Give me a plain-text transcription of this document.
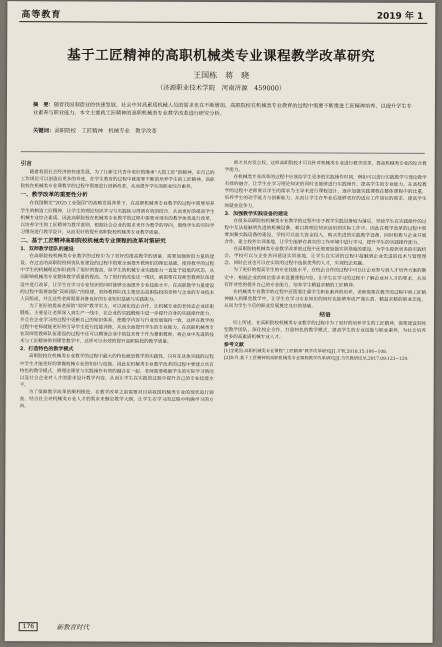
高等教育	2019 年 1
基于工匠精神的高职机械类专业课程教学改革研究
王国栋　蒋　晓
（济源职业技术学院　河南济源　459000）
摘　要：随着我国制造业的快速发展，社会中对高素质机械人员的需求也在不断增加。高职院校在机械类专业教育的过程中需要不断推进工匠精神培养，以提升学生专业素养与职业能力。本文主要就工匠精神的高职机械类专业教学改革进行研究分析。
关键词：高职院校　工匠精神　机械专业　教学改革
引言

随着我国社会经济的快速发展，为了让新生代青年更好的继承“大国工匠”的精神，在自己的工作岗位可以创造出更多的奇迹，在学生教育的过程中就需要不断的培养学生的工匠精神。高职院校在机械类专业课教学的过程中需要进行创新改革，从而提升学生的职业综合素养。

一、教学改革的重要性分析

在我国制定“2025工业强国”的战略发展背景下，在高职机械类专业教学的过程中需要培养学生的制造工匠精神，让学生的理论知识学习与实践练习得到有效的结合，从而更好的提高学生机械专业综合素质。因此高职院校在机械类专业教学的过程中需要对现有的教学体系进行改革，以培养学生的工匠精神为教学准则，根据社会企业的需求来作为教学的导向，围绕学生的实际学习情况进行教学设计，从而更好的提升高职院校机械类专业教学质量。

二、基于工匠精神高职院校机械类专业课程的改革对策研究
1．双师教学团队的建设

在高职院校机械类专业教学的过程中为了更好的提高教学的质量，需要加强师资力量的建设。在过去的高职院校师资队伍建设的过程中很难全面提升教师们的理论基础，使得教学的过程中学生的机械理论知识获得了很好的提高，但学生的机械专业实践能力一直处于较低的状态，从而影响机械类专业整体教学质量的提高。为了很好的改变这一现状，就需要在双师型教师队伍建设中进行改革，让学生在学习专业知识的同时能够全面提升专业技能水平。在高职教学力量建设的过程中需要加强“双师团队”的组建，双师教师队伍主要是由高职院校的老师与企业的专业技术人员组成，并且这些老师需要具备良好的专业知识基础与实践能力。

为了更好的提高老师的“双师”教学实力，可以深化校企合作，让机械专业的老师去企业挂职锻炼。主要是让老师深入到生产一线中，在企业的实践锻炼中进一步提升自身的实践操作能力，并且在企业学习的过程中更新自己的知识体系，使教学内容与行业发展保持一致，这样在教学的过程中老师就能更好的引导学生进行技能训练，从而全面提升学生的专业能力。在高职机械类专业双师型教师队伍建设的过程中还可以聘请企业中的技术骨干作为兼职教师，将企业中先进的技术与工匠精神带到课堂教学中，这样可以有效的提升高职院校的教学质量。

2．打造特色的教学模式

高职院校在机械类专业教学的过程中最大的特色就是教学的实践性，只有在具体实践的过程中学生才能更好的掌握机械专业的知识与技能。因此在机械类专业教学改革的过程中要建立具有特色的教学模式，将理论课堂与实践操作有效的融合在一起，老师需要根据学生的实际学习情况以及社会企业对人才的需求设计教学内容，从而让学生在实践的过程中提升自己的专业技能水平。

为了保障教学改革的顺利推进，在教学改革之前需要对目前我国机械类专业的现状进行调查，结合社会对机械类专业人才的需求来制定教学大纲，让学生在学习的过程中明确学习的方向。

师才具有发言权。这样高职院校才可以针对机械类专业进行教学改革，提高机械类专业的综合教学能力。

在机械类专业改革的过程中应该给学生更多的实践操作时间，例如可以进行实践教学与理论教学有效的融合，让学生在学习理论知识的同时也能够进行实践操作，提高学生的专业能力。在高校教学的过程中老师要以学生的需求为主导来进行课程设计，逐步加强实践课程在整体课程中的比重，培养学生的动手能力与创新能力，从而让学生在毕业后能够更好的适应工作岗位的需求，提高学生的就业竞争力。

3．加强教学实践设备的建设

在很多高职院校机械类专业教学的过程中由于教学实践设备较为落后，导致学生在实践操作的过程中无法接触到先进的机械设备，难以将理论知识运用到实际工作中。因此在教学改革的过程中需要加强实践设备的建设，学校可以加大资金投入，购买先进的实践教学设备，同时积极与企业开展合作，建立校外实训基地，让学生能够在真实的工作环境中进行学习，提升学生的实践操作能力。

在高职院校机械类专业教学改革的过程中还需要加强实训基地的建设，为学生提供更多的实践机会。学校可以与企业共同建设实训基地，让学生在实训的过程中接触到企业先进的技术与管理理念，同时企业也可以在实训的过程中选拔优秀的人才，实现校企双赢。

为了更好的提高学生的专业技能水平，在校企合作的过程中可以让企业参与到人才培养方案的制定中，根据企业的岗位需求来设置课程内容，让学生在学习的过程中了解企业对人才的要求，从而有针对性的提升自己的专业能力，培养学生精益求精的工匠精神。

在机械类专业教学的过程中还需要注重学生职业素养的培养，老师需要在教学的过程中将工匠精神融入到课堂教学中，让学生在学习专业知识的同时也能够形成严谨认真、精益求精的职业态度，从而为学生今后的职业发展奠定良好的基础。

结语

综上所述，在高职院校机械类专业教学的过程中为了更好的培养学生的工匠精神，需要建设双师型教学团队，深化校企合作，打造特色的教学模式，提高学生的专业技能与职业素养，为社会培养更多的高素质机械专业人才。

参考文献

[1]金建国.高职机械类专业课程“工匠精神”教学改革研究[J].才智,2018,15:106~108.

[2]朱丹.基于工匠精神的高职机械类专业课程教学改革研究[J].当代教研论丛,2017,09:123~129.

176	新教育时代
